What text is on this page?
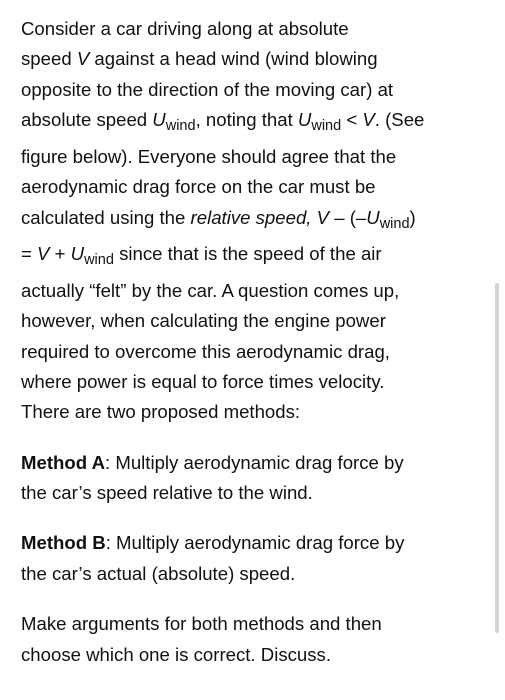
Consider a car driving along at absolute
speed V against a head wind (wind blowing
opposite to the direction of the moving car) at
absolute speed $U_{wind}$, noting that $U_{wind} < V$. (See
figure below). Everyone should agree that the
aerodynamic drag force on the car must be
calculated using the relative speed, V – $(-U_{wind})$
= $V + U_{wind}$ since that is the speed of the air
actually “felt” by the car. A question comes up,
however, when calculating the engine power
required to overcome this aerodynamic drag,
where power is equal to force times velocity.
There are two proposed methods:
Method A: Multiply aerodynamic drag force by
the car’s speed relative to the wind.
Method B: Multiply aerodynamic drag force by
the car’s actual (absolute) speed.
Make arguments for both methods and then
choose which one is correct. Discuss.
